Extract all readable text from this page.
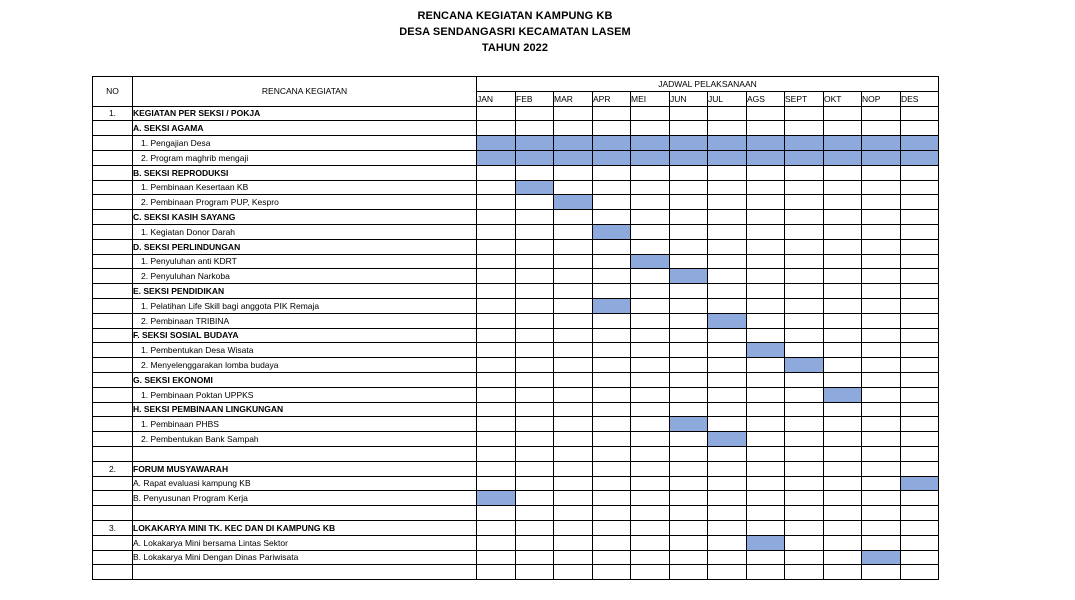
RENCANA KEGIATAN KAMPUNG KB
DESA SENDANGASRI KECAMATAN LASEM
TAHUN 2022
NO	RENCANA KEGIATAN	JADWAL PELAKSANAAN											
		JAN	FEB	MAR	APR	MEI	JUN	JUL	AGS	SEPT	OKT	NOP	DES
1.	KEGIATAN PER SEKSI / POKJA												
	A. SEKSI AGAMA												
	1. Pengajian Desa												
	2. Program maghrib mengaji												
	B. SEKSI REPRODUKSI												
	1. Pembinaan Kesertaan KB												
	2. Pembinaan Program PUP, Kespro												
	C. SEKSI KASIH SAYANG												
	1. Kegiatan Donor Darah												
	D. SEKSI PERLINDUNGAN												
	1. Penyuluhan anti KDRT												
	2. Penyuluhan Narkoba												
	E. SEKSI PENDIDIKAN												
	1. Pelatihan Life Skill bagi anggota PIK Remaja												
	2. Pembinaan TRIBINA												
	F. SEKSI SOSIAL BUDAYA												
	1. Pembentukan Desa Wisata												
	2. Menyelenggarakan lomba budaya												
	G. SEKSI EKONOMI												
	1. Pembinaan Poktan UPPKS												
	H. SEKSI PEMBINAAN LINGKUNGAN												
	1. Pembinaan PHBS												
	2. Pembentukan Bank Sampah												

2.	FORUM MUSYAWARAH												
	A. Rapat evaluasi kampung KB												
	B. Penyusunan Program Kerja												

3.	LOKAKARYA MINI TK. KEC DAN DI KAMPUNG KB												
	A. Lokakarya Mini bersama Lintas Sektor												
	B. Lokakarya Mini Dengan Dinas Pariwisata												
